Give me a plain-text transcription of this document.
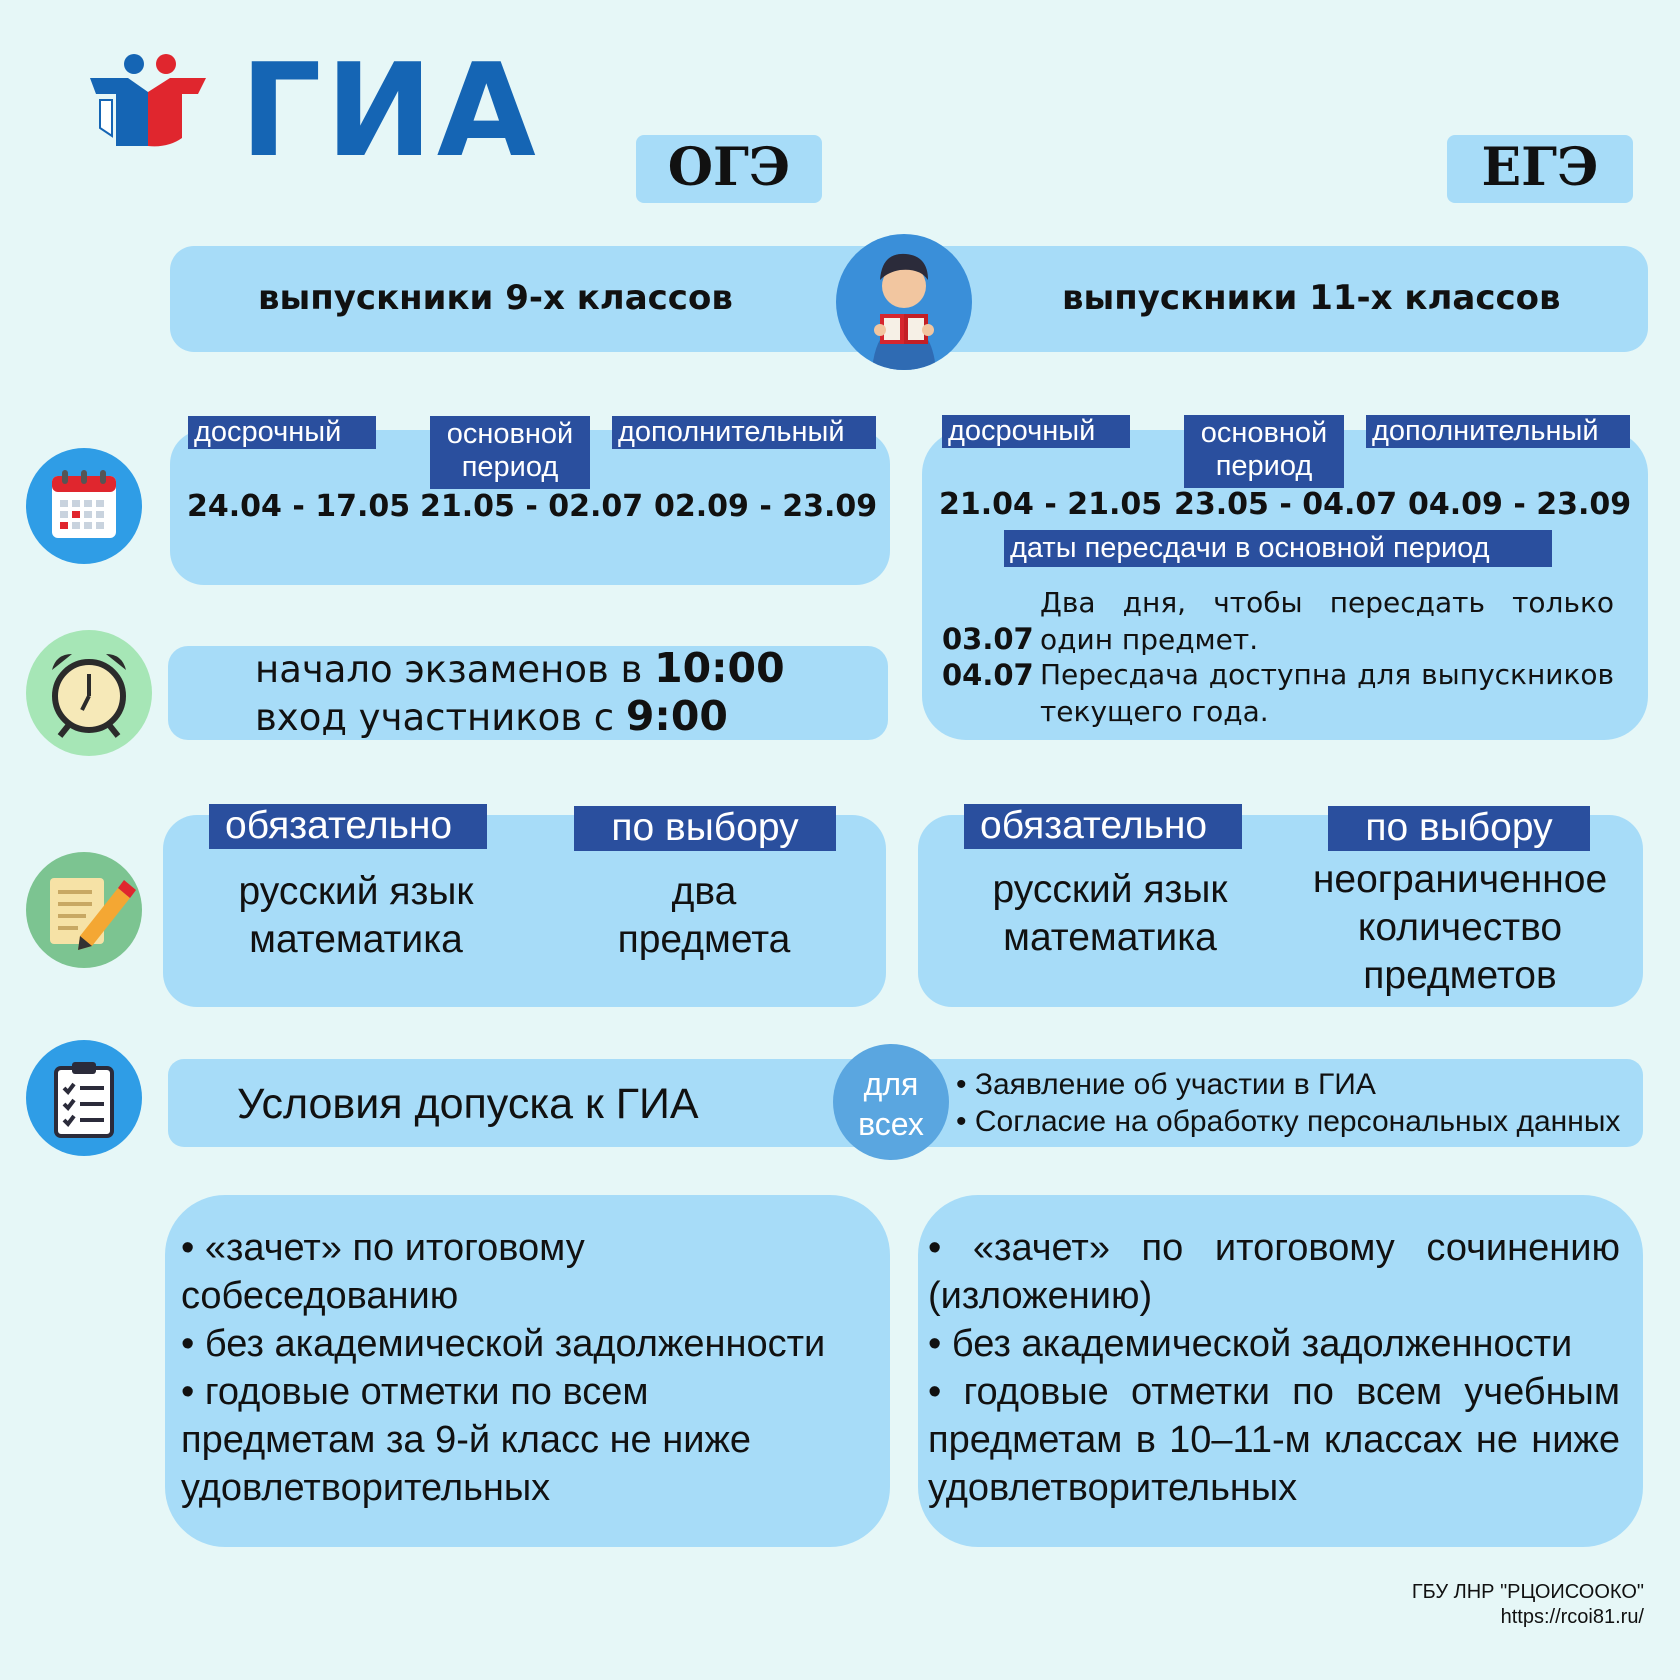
ГИА	ОГЭ	ЕГЭ
выпускники 9-х классов	выпускники 11-х классов
досрочный	основной период
дополнительный
24.04 - 17.05 21.05 - 02.07 02.09 - 23.09
досрочный	основной период
дополнительный
21.04 - 21.05 23.05 - 04.07 04.09 - 23.09
даты пересдачи в основной период
03.07
Два дня, чтобы пересдать только один предмет.
04.07 Пересдача доступна для выпускников текущего года.
начало экзаменов в 10:00
вход участников с 9:00
обязательно	по выбору
русский язык
математика
два
предмета
обязательно	по выбору
русский язык
математика
неограниченное
количество
предметов
Условия допуска к ГИА	для
всех
• Заявление об участии в ГИА
• Согласие на обработку персональных данных
• «зачет» по итоговому собеседованию
• без академической задолженности
• годовые отметки по всем предметам за 9-й класс не ниже удовлетворительных
• «зачет» по итоговому сочинению (изложению)
• без академической задолженности
• годовые отметки по всем учебным предметам в 10–11-м классах не ниже удовлетворительных
ГБУ ЛНР "РЦОИСООКО"
https://rcoi81.ru/
